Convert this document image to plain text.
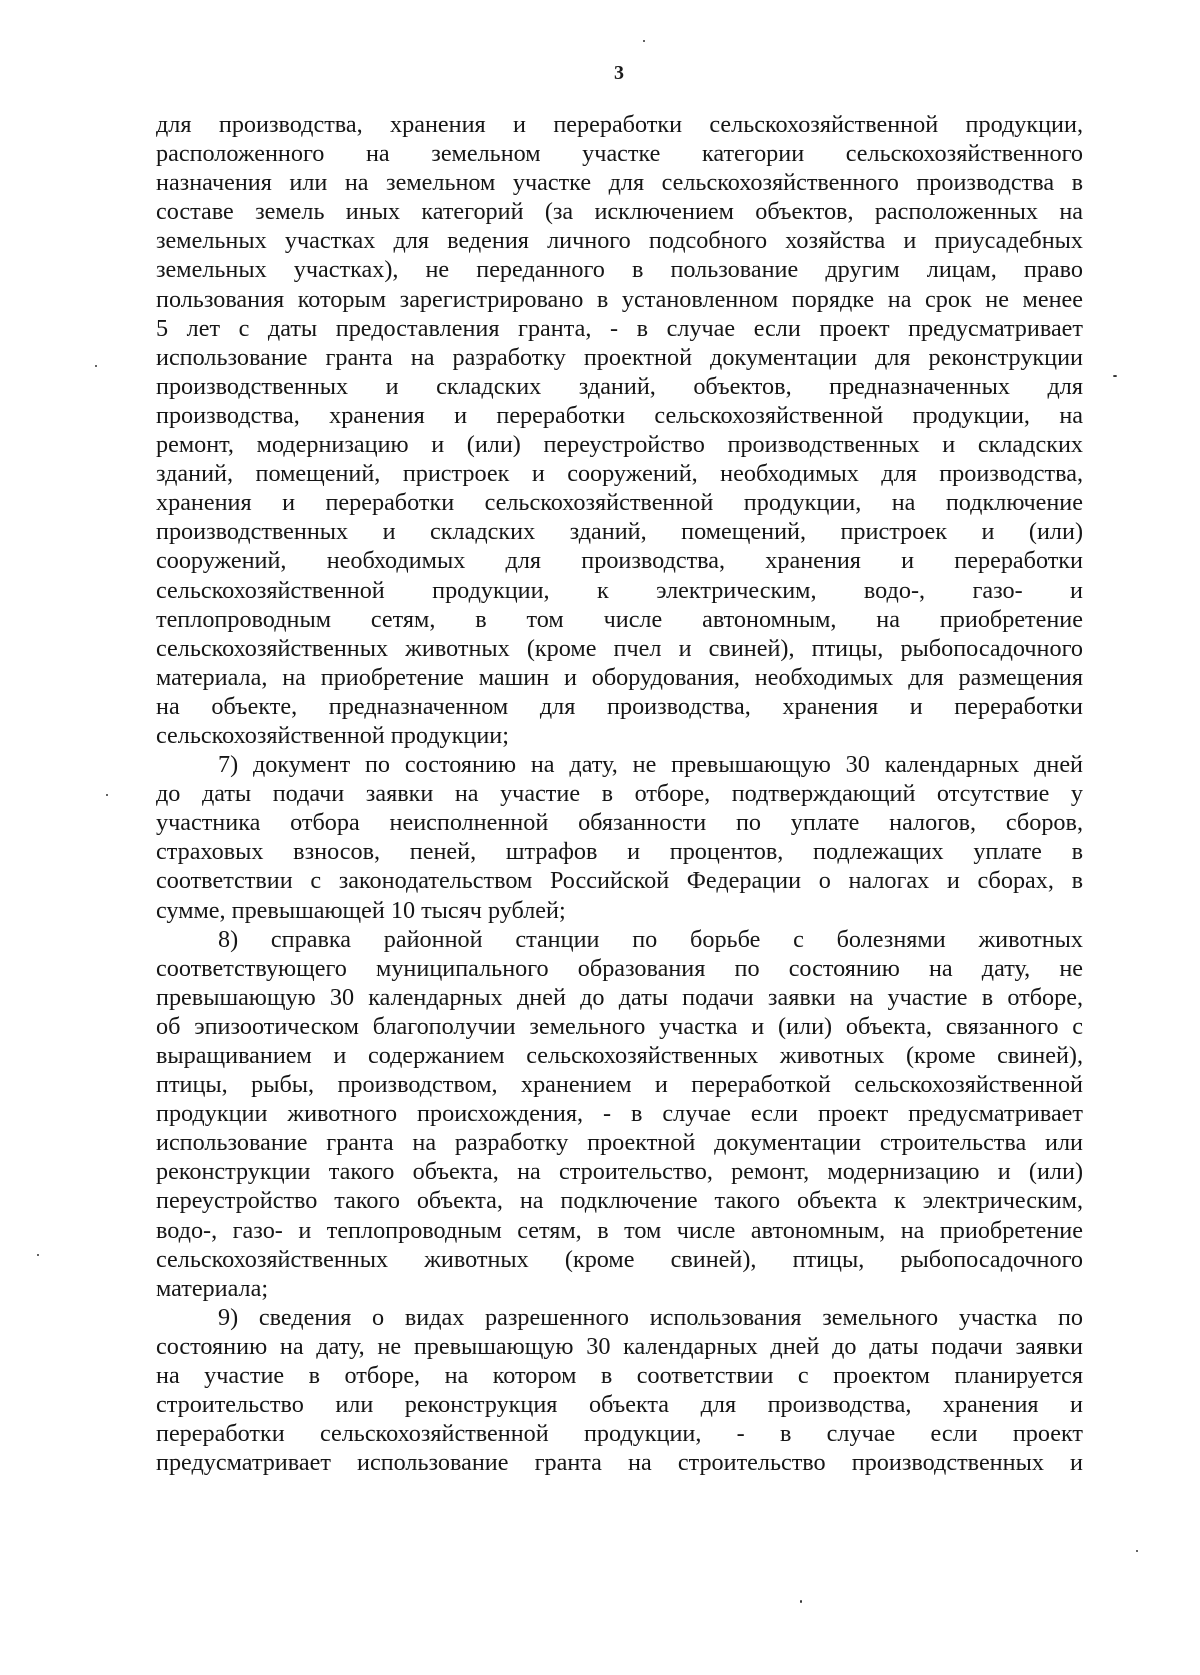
3
для производства, хранения и переработки сельскохозяйственной продукции,
расположенного на земельном участке категории сельскохозяйственного
назначения или на земельном участке для сельскохозяйственного производства в
составе земель иных категорий (за исключением объектов, расположенных на
земельных участках для ведения личного подсобного хозяйства и приусадебных
земельных участках), не переданного в пользование другим лицам, право
пользования которым зарегистрировано в установленном порядке на срок не менее
5 лет с даты предоставления гранта, - в случае если проект предусматривает
использование гранта на разработку проектной документации для реконструкции
производственных и складских зданий, объектов, предназначенных для
производства, хранения и переработки сельскохозяйственной продукции, на
ремонт, модернизацию и (или) переустройство производственных и складских
зданий, помещений, пристроек и сооружений, необходимых для производства,
хранения и переработки сельскохозяйственной продукции, на подключение
производственных и складских зданий, помещений, пристроек и (или)
сооружений, необходимых для производства, хранения и переработки
сельскохозяйственной продукции, к электрическим, водо-, газо- и
теплопроводным сетям, в том числе автономным, на приобретение
сельскохозяйственных животных (кроме пчел и свиней), птицы, рыбопосадочного
материала, на приобретение машин и оборудования, необходимых для размещения
на объекте, предназначенном для производства, хранения и переработки
сельскохозяйственной продукции;
7) документ по состоянию на дату, не превышающую 30 календарных дней
до даты подачи заявки на участие в отборе, подтверждающий отсутствие у
участника отбора неисполненной обязанности по уплате налогов, сборов,
страховых взносов, пеней, штрафов и процентов, подлежащих уплате в
соответствии с законодательством Российской Федерации о налогах и сборах, в
сумме, превышающей 10 тысяч рублей;
8) справка районной станции по борьбе с болезнями животных
соответствующего муниципального образования по состоянию на дату, не
превышающую 30 календарных дней до даты подачи заявки на участие в отборе,
об эпизоотическом благополучии земельного участка и (или) объекта, связанного с
выращиванием и содержанием сельскохозяйственных животных (кроме свиней),
птицы, рыбы, производством, хранением и переработкой сельскохозяйственной
продукции животного происхождения, - в случае если проект предусматривает
использование гранта на разработку проектной документации строительства или
реконструкции такого объекта, на строительство, ремонт, модернизацию и (или)
переустройство такого объекта, на подключение такого объекта к электрическим,
водо-, газо- и теплопроводным сетям, в том числе автономным, на приобретение
сельскохозяйственных животных (кроме свиней), птицы, рыбопосадочного
материала;
9) сведения о видах разрешенного использования земельного участка по
состоянию на дату, не превышающую 30 календарных дней до даты подачи заявки
на участие в отборе, на котором в соответствии с проектом планируется
строительство или реконструкция объекта для производства, хранения и
переработки сельскохозяйственной продукции, - в случае если проект
предусматривает использование гранта на строительство производственных и
